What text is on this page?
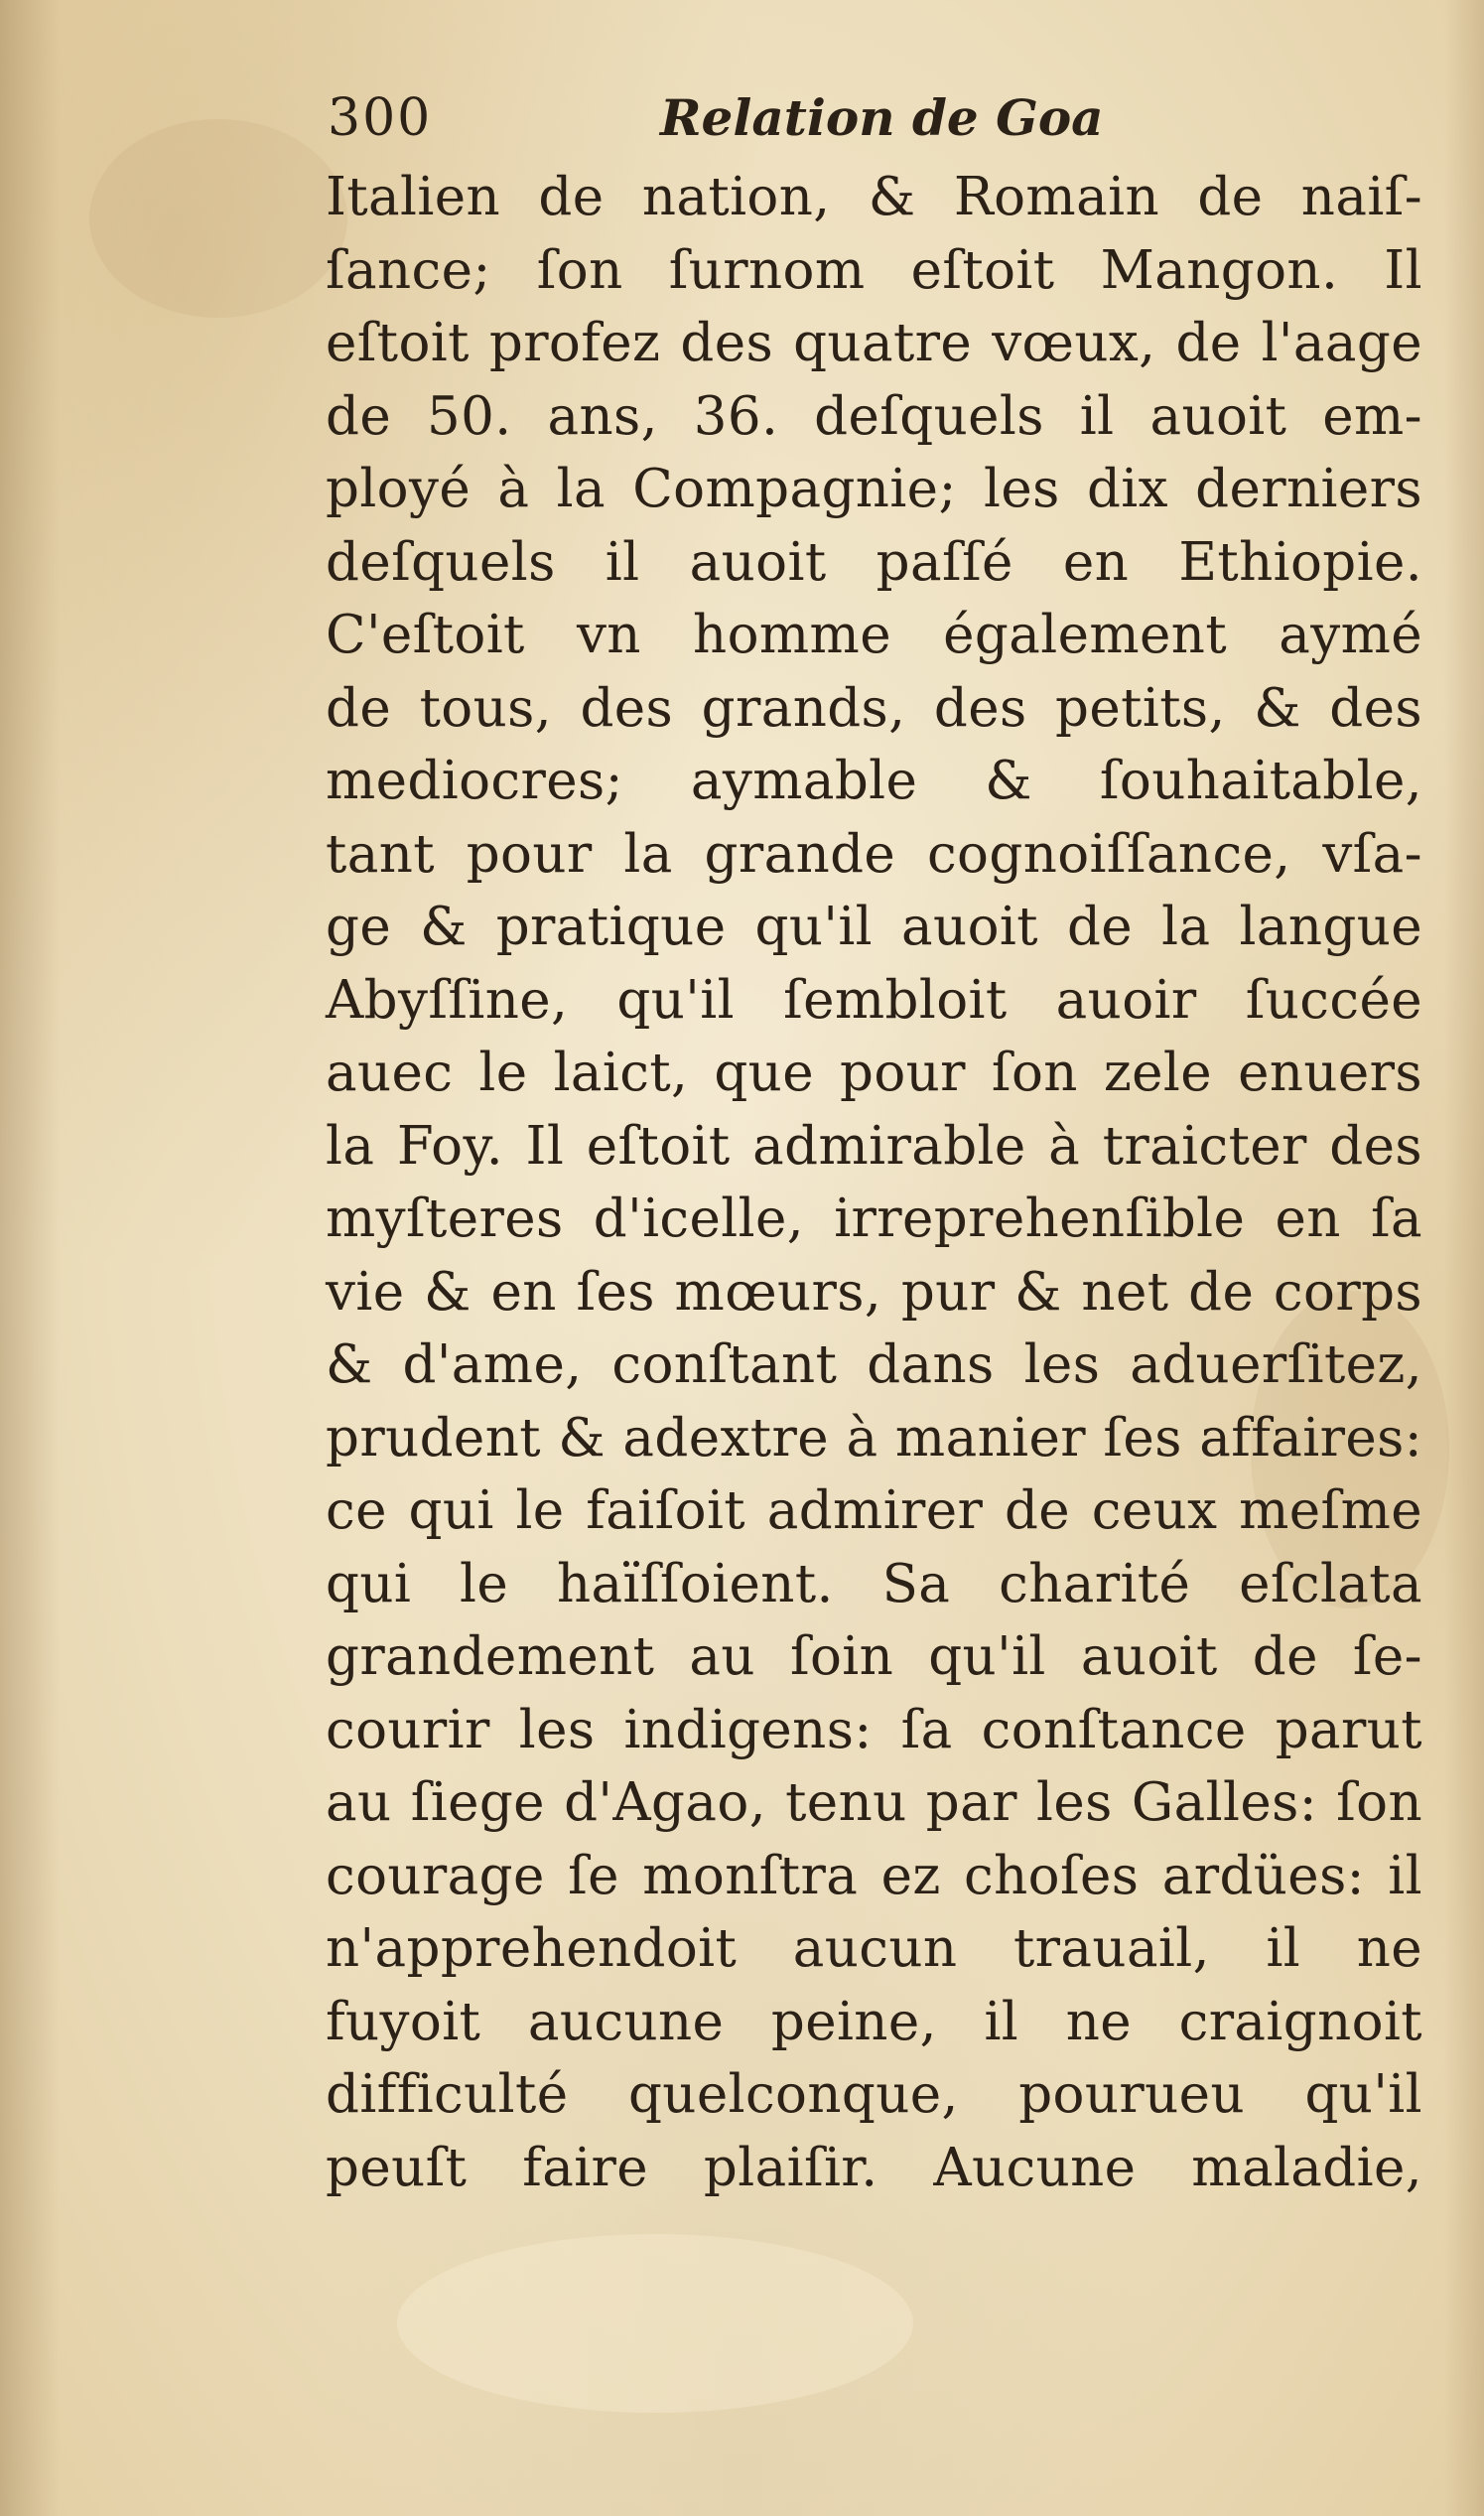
300	Relation de Goa
Italien de nation, & Romain de naiſ-
ſance; ſon ſurnom eſtoit Mangon. Il
eſtoit profez des quatre vœux, de l'aage
de 50. ans, 36. deſquels il auoit em-
ployé à la Compagnie; les dix derniers
deſquels il auoit paſſé en Ethiopie.
C'eſtoit vn homme également aymé
de tous, des grands, des petits, & des
mediocres; aymable & ſouhaitable,
tant pour la grande cognoiſſance, vſa-
ge & pratique qu'il auoit de la langue
Abyſſine, qu'il ſembloit auoir ſuccée
auec le laict, que pour ſon zele enuers
la Foy. Il eſtoit admirable à traicter des
myſteres d'icelle, irreprehenſible en ſa
vie & en ſes mœurs, pur & net de corps
& d'ame, conſtant dans les aduerſitez,
prudent & adextre à manier ſes affaires:
ce qui le faiſoit admirer de ceux meſme
qui le haïſſoient. Sa charité eſclata
grandement au ſoin qu'il auoit de ſe-
courir les indigens: ſa conſtance parut
au ſiege d'Agao, tenu par les Galles: ſon
courage ſe monſtra ez choſes ardües: il
n'apprehendoit aucun trauail, il ne
fuyoit aucune peine, il ne craignoit
difficulté quelconque, pourueu qu'il
peuſt faire plaiſir. Aucune maladie,
